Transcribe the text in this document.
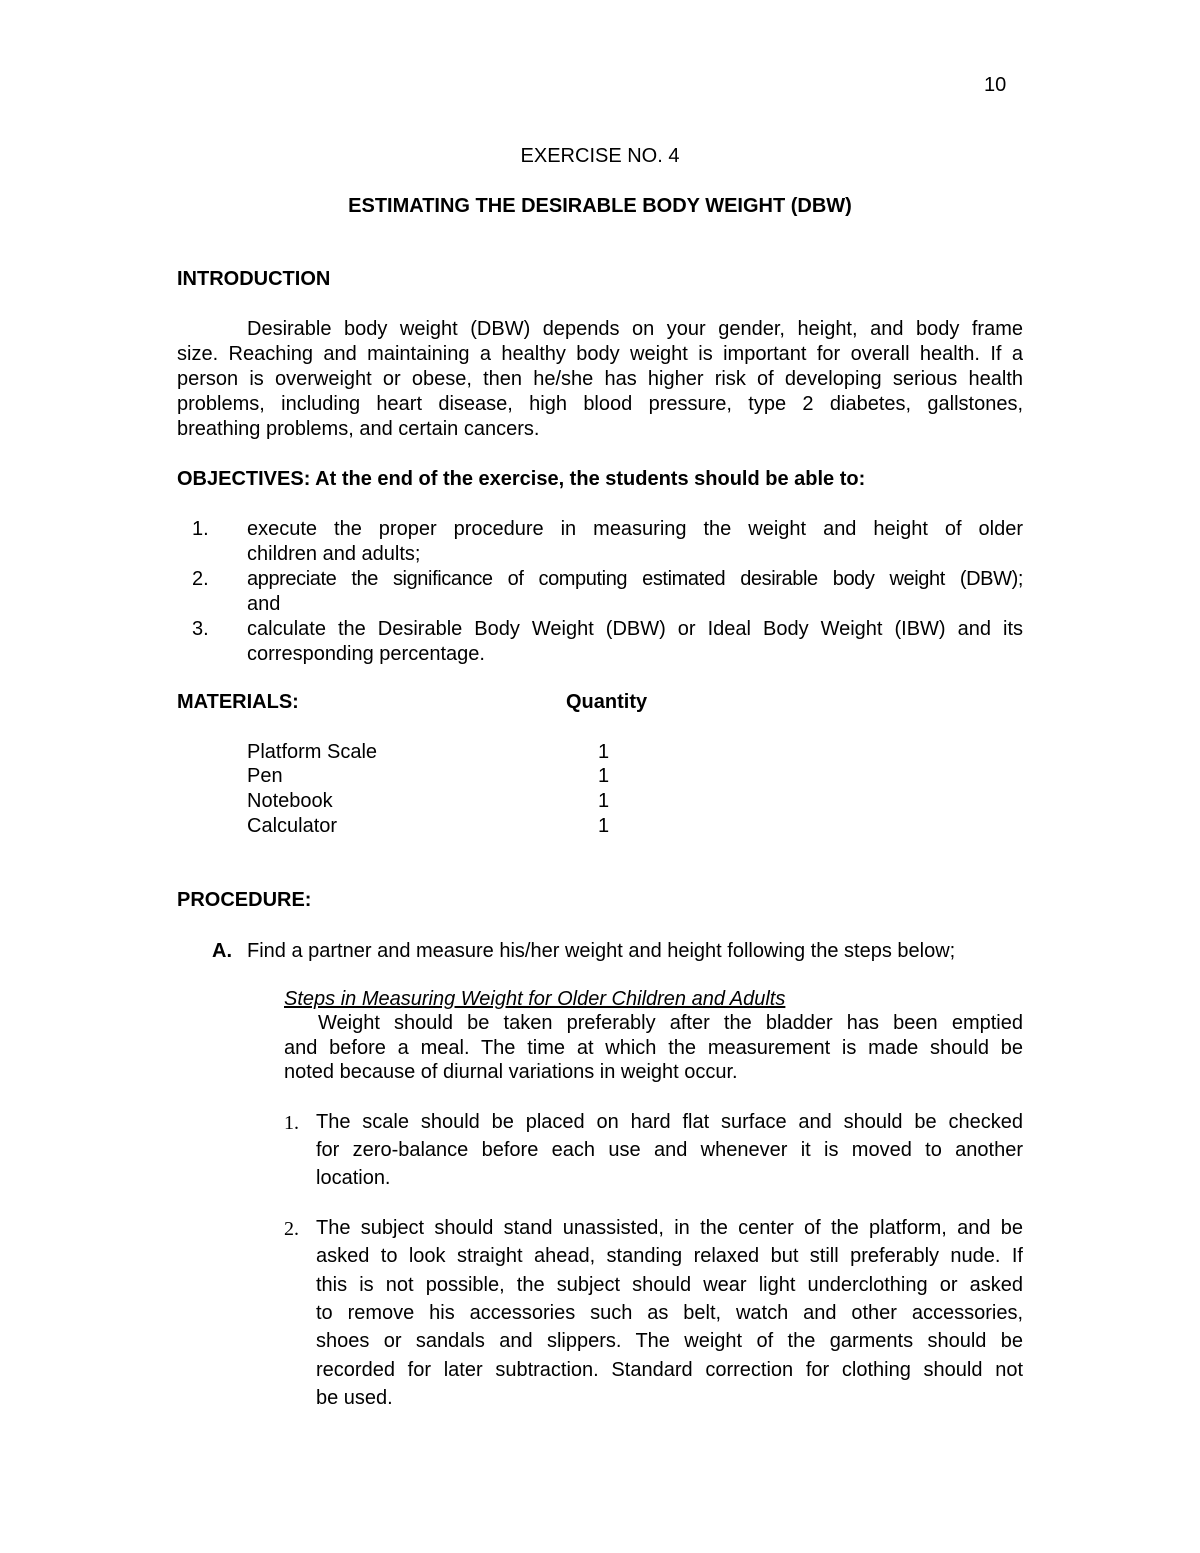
10
EXERCISE NO. 4
ESTIMATING THE DESIRABLE BODY WEIGHT (DBW)
INTRODUCTION
Desirable body weight (DBW) depends on your gender, height, and body frame
size. Reaching and maintaining a healthy body weight is important for overall health. If a
person is overweight or obese, then he/she has higher risk of developing serious health
problems, including heart disease, high blood pressure, type 2 diabetes, gallstones,
breathing problems, and certain cancers.
OBJECTIVES: At the end of the exercise, the students should be able to:
1. execute the proper procedure in measuring the weight and height of older
children and adults;
2. appreciate the significance of computing estimated desirable body weight (DBW);
and
3. calculate the Desirable Body Weight (DBW) or Ideal Body Weight (IBW) and its
corresponding percentage.
MATERIALS:	Quantity
Platform Scale	1
Pen	1
Notebook	1
Calculator	1
PROCEDURE:
A. Find a partner and measure his/her weight and height following the steps below;
Steps in Measuring Weight for Older Children and Adults
Weight should be taken preferably after the bladder has been emptied
and before a meal. The time at which the measurement is made should be
noted because of diurnal variations in weight occur.
1. The scale should be placed on hard flat surface and should be checked
for zero-balance before each use and whenever it is moved to another
location.
2. The subject should stand unassisted, in the center of the platform, and be
asked to look straight ahead, standing relaxed but still preferably nude. If
this is not possible, the subject should wear light underclothing or asked
to remove his accessories such as belt, watch and other accessories,
shoes or sandals and slippers. The weight of the garments should be
recorded for later subtraction. Standard correction for clothing should not
be used.
